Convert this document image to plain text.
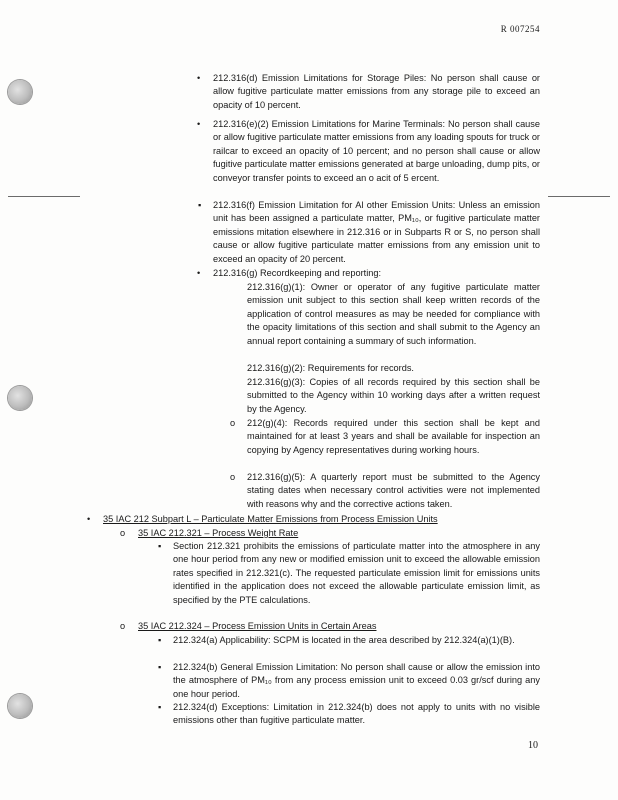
R 007254
• 212.316(d) Emission Limitations for Storage Piles: No person shall cause or allow fugitive particulate matter emissions from any storage pile to exceed an opacity of 10 percent.

• 212.316(e)(2) Emission Limitations for Marine Terminals: No person shall cause or allow fugitive particulate matter emissions from any loading spouts for truck or railcar to exceed an opacity of 10 percent; and no person shall cause or allow fugitive particulate matter emissions generated at barge unloading, dump pits, or conveyor transfer points to exceed an o acit of 5 ercent.

▪ 212.316(f) Emission Limitation for Al other Emission Units: Unless an emission unit has been assigned a particulate matter, PM₁₀, or fugitive particulate matter emissions mitation elsewhere in 212.316 or in Subparts R or S, no person shall cause or allow fugitive particulate matter emissions from any emission unit to exceed an opacity of 20 percent.

• 212.316(g) Recordkeeping and reporting:

212.316(g)(1): Owner or operator of any fugitive particulate matter emission unit subject to this section shall keep written records of the application of control measures as may be needed for compliance with the opacity limitations of this section and shall submit to the Agency an annual report containing a summary of such information.

212.316(g)(2): Requirements for records.

212.316(g)(3): Copies of all records required by this section shall be submitted to the Agency within 10 working days after a written request by the Agency.

o 212(g)(4): Records required under this section shall be kept and maintained for at least 3 years and shall be available for inspection an copying by Agency representatives during working hours.

o 212.316(g)(5): A quarterly report must be submitted to the Agency stating dates when necessary control activities were not implemented with reasons why and the corrective actions taken.

• 35 IAC 212 Subpart L – Particulate Matter Emissions from Process Emission Units

o 35 IAC 212.321 – Process Weight Rate

▪ Section 212.321 prohibits the emissions of particulate matter into the atmosphere in any one hour period from any new or modified emission unit to exceed the allowable emission rates specified in 212.321(c). The requested particulate emission limit for emissions units identified in the application does not exceed the allowable particulate emission limit, as specified by the PTE calculations.

o 35 IAC 212.324 – Process Emission Units in Certain Areas

▪ 212.324(a) Applicability: SCPM is located in the area described by 212.324(a)(1)(B).

▪ 212.324(b) General Emission Limitation: No person shall cause or allow the emission into the atmosphere of PM₁₀ from any process emission unit to exceed 0.03 gr/scf during any one hour period.

▪ 212.324(d) Exceptions: Limitation in 212.324(b) does not apply to units with no visible emissions other than fugitive particulate matter.

10
